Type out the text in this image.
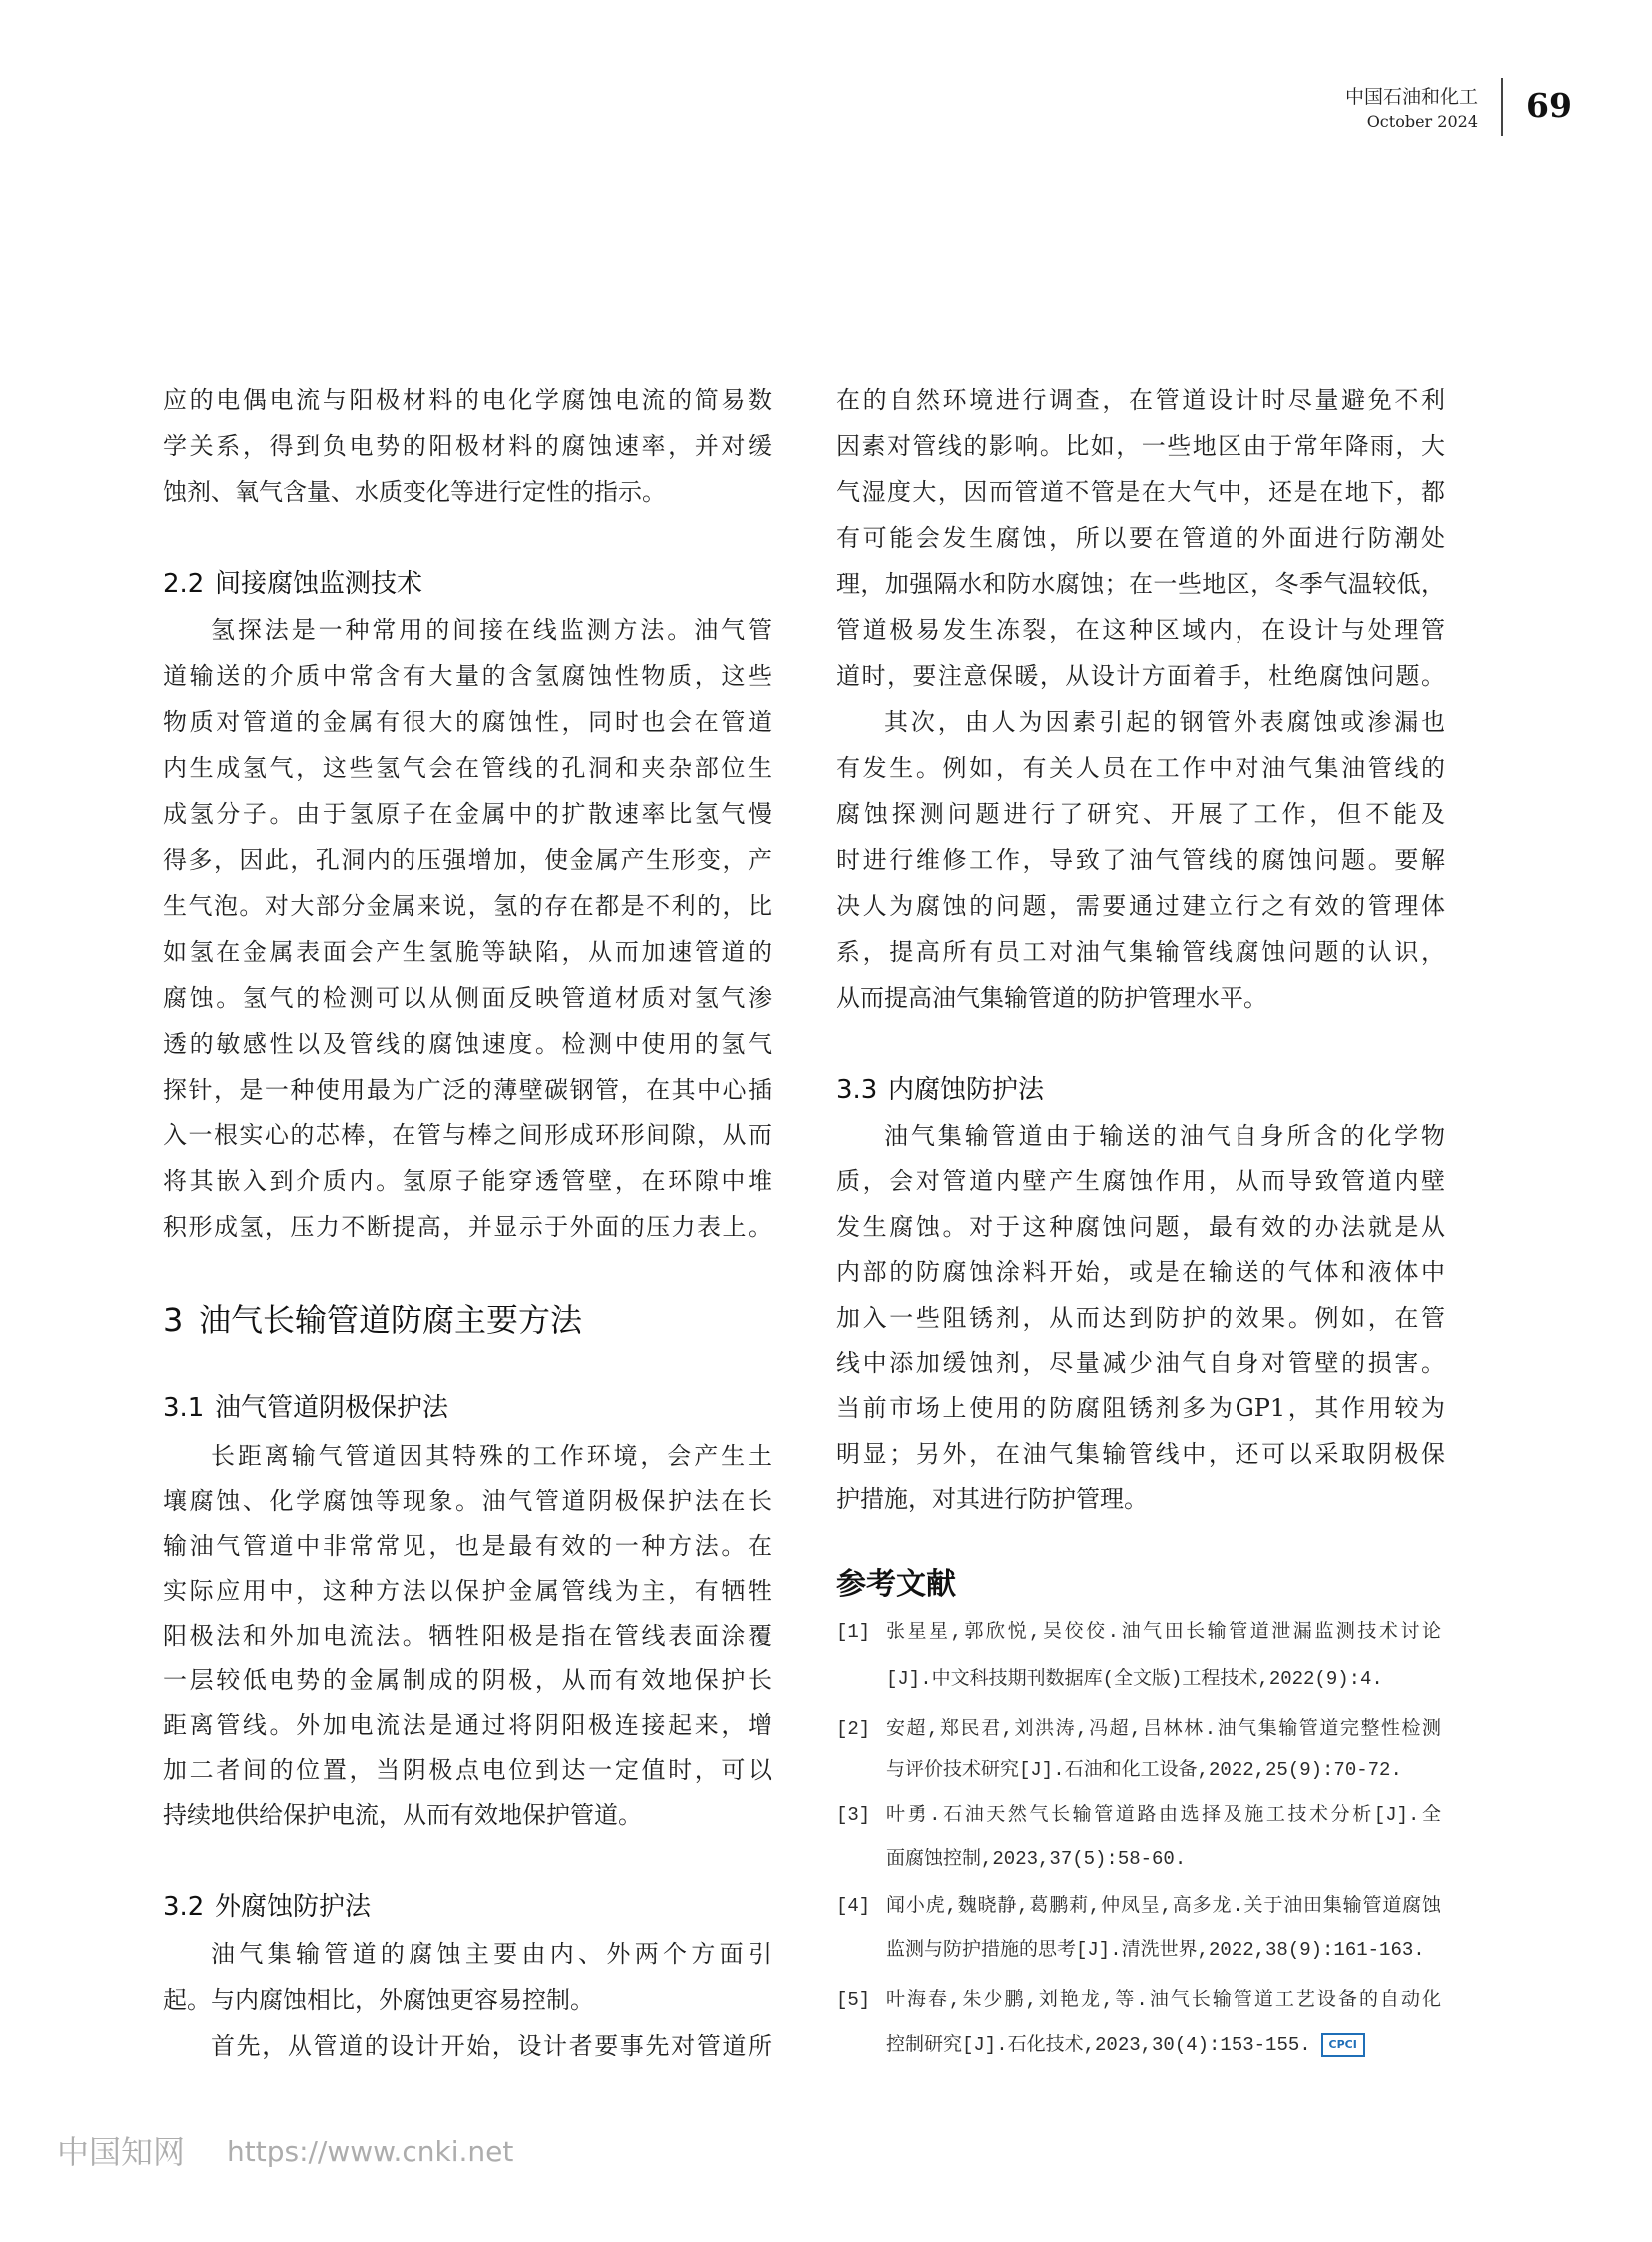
中国石油和化工
October 2024 69
应的电偶电流与阳极材料的电化学腐蚀电流的简易数
学关系，得到负电势的阳极材料的腐蚀速率，并对缓
蚀剂、氧气含量、水质变化等进行定性的指示。
2.2 间接腐蚀监测技术
氢探法是一种常用的间接在线监测方法。油气管
道输送的介质中常含有大量的含氢腐蚀性物质，这些
物质对管道的金属有很大的腐蚀性，同时也会在管道
内生成氢气，这些氢气会在管线的孔洞和夹杂部位生
成氢分子。由于氢原子在金属中的扩散速率比氢气慢
得多，因此，孔洞内的压强增加，使金属产生形变，产
生气泡。对大部分金属来说，氢的存在都是不利的，比
如氢在金属表面会产生氢脆等缺陷，从而加速管道的
腐蚀。氢气的检测可以从侧面反映管道材质对氢气渗
透的敏感性以及管线的腐蚀速度。检测中使用的氢气
探针，是一种使用最为广泛的薄壁碳钢管，在其中心插
入一根实心的芯棒，在管与棒之间形成环形间隙，从而
将其嵌入到介质内。氢原子能穿透管壁，在环隙中堆
积形成氢，压力不断提高，并显示于外面的压力表上。
3 油气长输管道防腐主要方法
3.1 油气管道阴极保护法
长距离输气管道因其特殊的工作环境，会产生土
壤腐蚀、化学腐蚀等现象。油气管道阴极保护法在长
输油气管道中非常常见，也是最有效的一种方法。在
实际应用中，这种方法以保护金属管线为主，有牺牲
阳极法和外加电流法。牺牲阳极是指在管线表面涂覆
一层较低电势的金属制成的阴极，从而有效地保护长
距离管线。外加电流法是通过将阴阳极连接起来，增
加二者间的位置，当阴极点电位到达一定值时，可以
持续地供给保护电流，从而有效地保护管道。
3.2 外腐蚀防护法
油气集输管道的腐蚀主要由内、外两个方面引
起。与内腐蚀相比，外腐蚀更容易控制。
首先，从管道的设计开始，设计者要事先对管道所
在的自然环境进行调查，在管道设计时尽量避免不利
因素对管线的影响。比如，一些地区由于常年降雨，大
气湿度大，因而管道不管是在大气中，还是在地下，都
有可能会发生腐蚀，所以要在管道的外面进行防潮处
理，加强隔水和防水腐蚀；在一些地区，冬季气温较低，
管道极易发生冻裂，在这种区域内，在设计与处理管
道时，要注意保暖，从设计方面着手，杜绝腐蚀问题。
其次，由人为因素引起的钢管外表腐蚀或渗漏也
有发生。例如，有关人员在工作中对油气集油管线的
腐蚀探测问题进行了研究、开展了工作，但不能及
时进行维修工作，导致了油气管线的腐蚀问题。要解
决人为腐蚀的问题，需要通过建立行之有效的管理体
系，提高所有员工对油气集输管线腐蚀问题的认识，
从而提高油气集输管道的防护管理水平。
3.3 内腐蚀防护法
油气集输管道由于输送的油气自身所含的化学物
质，会对管道内壁产生腐蚀作用，从而导致管道内壁
发生腐蚀。对于这种腐蚀问题，最有效的办法就是从
内部的防腐蚀涂料开始，或是在输送的气体和液体中
加入一些阻锈剂，从而达到防护的效果。例如，在管
线中添加缓蚀剂，尽量减少油气自身对管壁的损害。
当前市场上使用的防腐阻锈剂多为GP1，其作用较为
明显；另外，在油气集输管线中，还可以采取阴极保
护措施，对其进行防护管理。
参考文献
[1] 张星星,郭欣悦,吴佼佼.油气田长输管道泄漏监测技术讨论
[J].中文科技期刊数据库(全文版)工程技术,2022(9):4.
[2] 安超,郑民君,刘洪涛,冯超,吕林林.油气集输管道完整性检测
与评价技术研究[J].石油和化工设备,2022,25(9):70-72.
[3] 叶勇.石油天然气长输管道路由选择及施工技术分析[J].全
面腐蚀控制,2023,37(5):58-60.
[4] 闻小虎,魏晓静,葛鹏莉,仲凤呈,高多龙.关于油田集输管道腐蚀
监测与防护措施的思考[J].清洗世界,2022,38(9):161-163.
[5] 叶海春,朱少鹏,刘艳龙,等.油气长输管道工艺设备的自动化
控制研究[J].石化技术,2023,30(4):153-155. CPCI
中国知网 https://www.cnki.net
